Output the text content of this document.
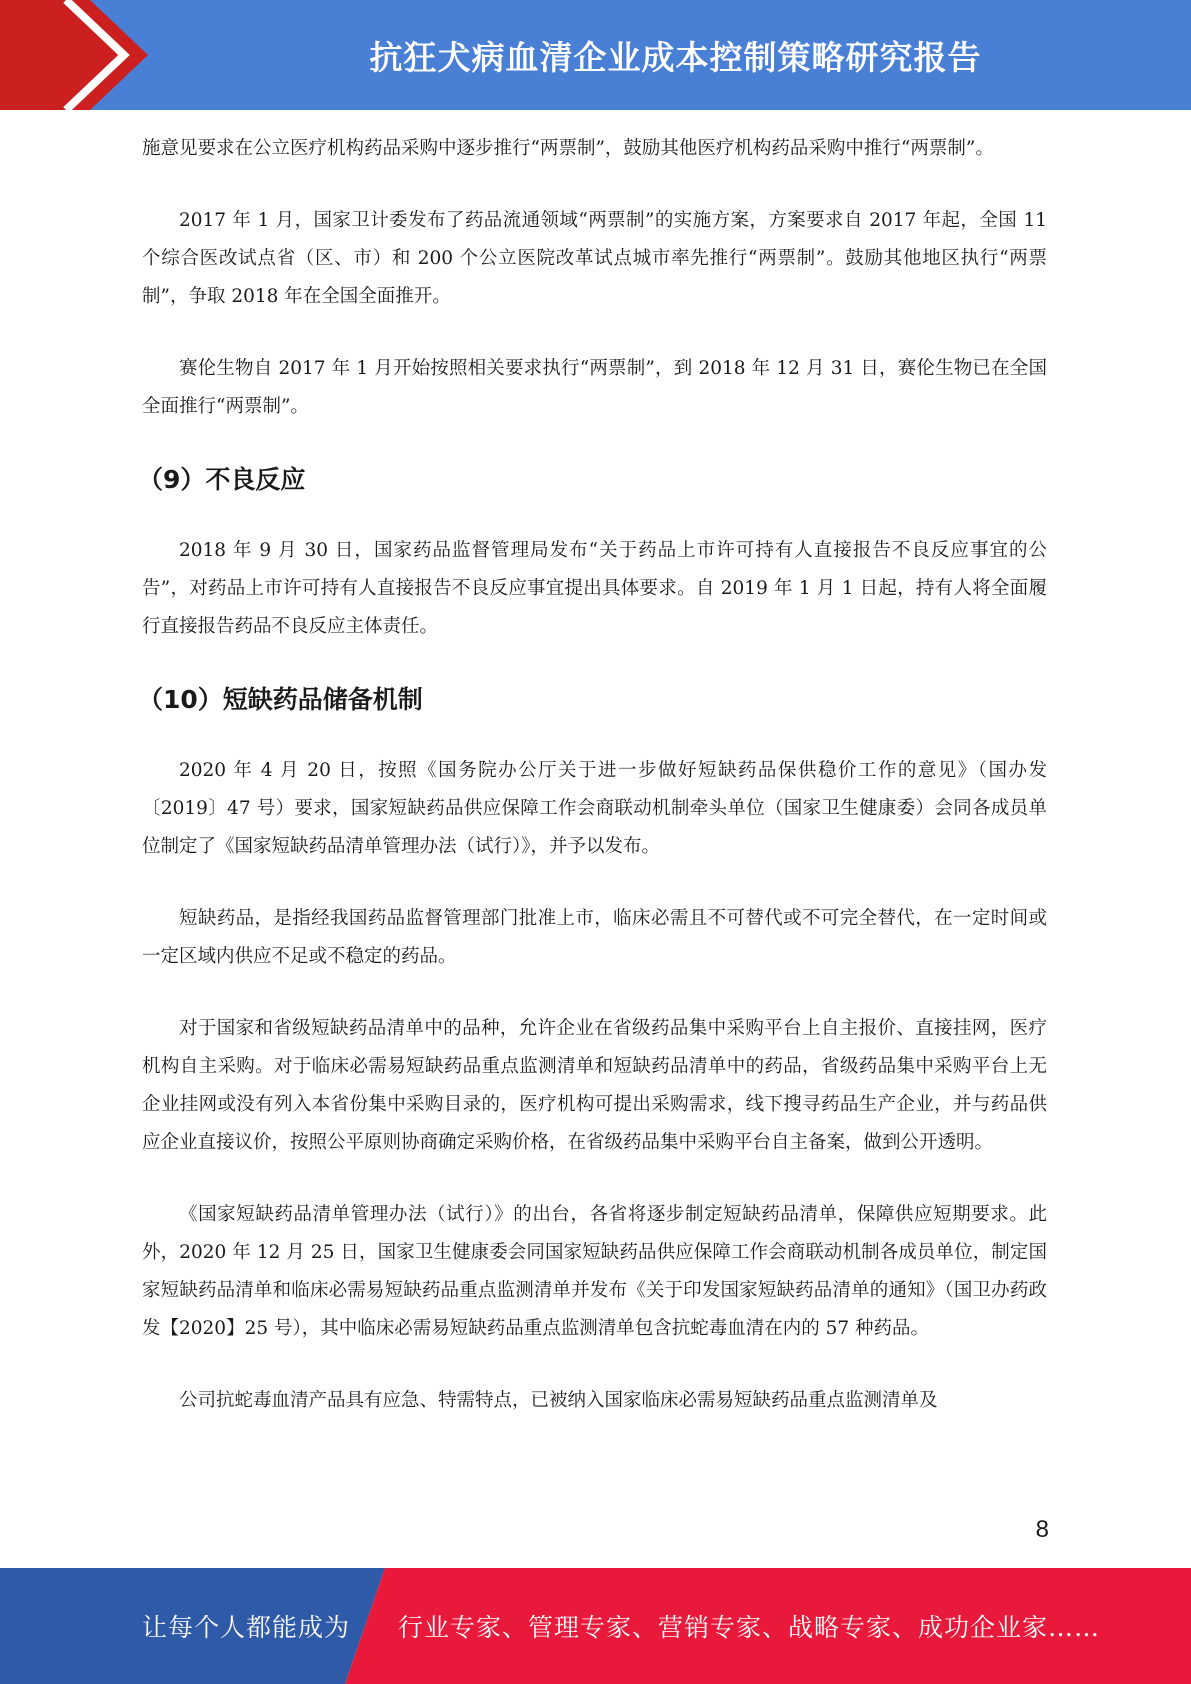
抗狂犬病血清企业成本控制策略研究报告

施意见要求在公立医疗机构药品采购中逐步推行“两票制”，鼓励其他医疗机构药品采购中推行“两票制”。

2017 年 1 月，国家卫计委发布了药品流通领域“两票制”的实施方案，方案要求自 2017 年起，全国 11 个综合医改试点省（区、市）和 200 个公立医院改革试点城市率先推行“两票制”。鼓励其他地区执行“两票制”，争取 2018 年在全国全面推开。

赛伦生物自 2017 年 1 月开始按照相关要求执行“两票制”，到 2018 年 12 月 31 日，赛伦生物已在全国全面推行“两票制”。

（9）不良反应

2018 年 9 月 30 日，国家药品监督管理局发布“关于药品上市许可持有人直接报告不良反应事宜的公告”，对药品上市许可持有人直接报告不良反应事宜提出具体要求。自 2019 年 1 月 1 日起，持有人将全面履行直接报告药品不良反应主体责任。

（10）短缺药品储备机制

2020 年 4 月 20 日，按照《国务院办公厅关于进一步做好短缺药品保供稳价工作的意见》（国办发〔2019〕47 号）要求，国家短缺药品供应保障工作会商联动机制牵头单位（国家卫生健康委）会同各成员单位制定了《国家短缺药品清单管理办法（试行）》，并予以发布。

短缺药品，是指经我国药品监督管理部门批准上市，临床必需且不可替代或不可完全替代，在一定时间或一定区域内供应不足或不稳定的药品。

对于国家和省级短缺药品清单中的品种，允许企业在省级药品集中采购平台上自主报价、直接挂网，医疗机构自主采购。对于临床必需易短缺药品重点监测清单和短缺药品清单中的药品，省级药品集中采购平台上无企业挂网或没有列入本省份集中采购目录的，医疗机构可提出采购需求，线下搜寻药品生产企业，并与药品供应企业直接议价，按照公平原则协商确定采购价格，在省级药品集中采购平台自主备案，做到公开透明。

《国家短缺药品清单管理办法（试行）》的出台，各省将逐步制定短缺药品清单，保障供应短期要求。此外，2020 年 12 月 25 日，国家卫生健康委会同国家短缺药品供应保障工作会商联动机制各成员单位，制定国家短缺药品清单和临床必需易短缺药品重点监测清单并发布《关于印发国家短缺药品清单的通知》（国卫办药政发【2020】25 号），其中临床必需易短缺药品重点监测清单包含抗蛇毒血清在内的 57 种药品。

公司抗蛇毒血清产品具有应急、特需特点，已被纳入国家临床必需易短缺药品重点监测清单及

8
让每个人都能成为 行业专家、管理专家、营销专家、战略专家、成功企业家……
